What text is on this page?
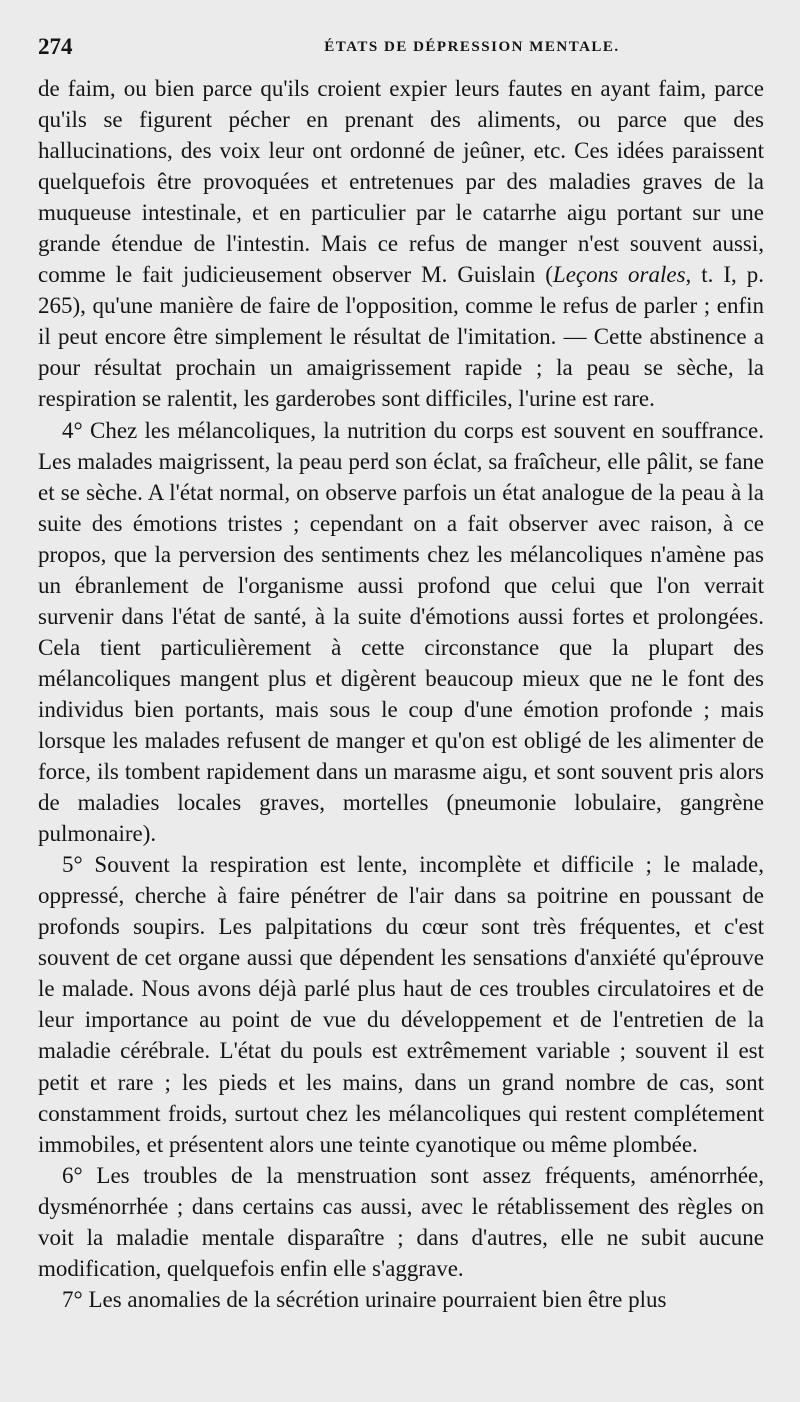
274	ÉTATS DE DÉPRESSION MENTALE.

de faim, ou bien parce qu'ils croient expier leurs fautes en ayant faim, parce qu'ils se figurent pécher en prenant des aliments, ou parce que des hallucinations, des voix leur ont ordonné de jeûner, etc. Ces idées paraissent quelquefois être provoquées et entretenues par des maladies graves de la muqueuse intestinale, et en particulier par le catarrhe aigu portant sur une grande étendue de l'intestin. Mais ce refus de manger n'est souvent aussi, comme le fait judicieusement observer M. Guislain (Leçons orales, t. I, p. 265), qu'une manière de faire de l'opposition, comme le refus de parler ; enfin il peut encore être simplement le résultat de l'imitation. — Cette abstinence a pour résultat prochain un amaigrissement rapide ; la peau se sèche, la respiration se ralentit, les garderobes sont difficiles, l'urine est rare.

4° Chez les mélancoliques, la nutrition du corps est souvent en souffrance. Les malades maigrissent, la peau perd son éclat, sa fraîcheur, elle pâlit, se fane et se sèche. A l'état normal, on observe parfois un état analogue de la peau à la suite des émotions tristes ; cependant on a fait observer avec raison, à ce propos, que la perversion des sentiments chez les mélancoliques n'amène pas un ébranlement de l'organisme aussi profond que celui que l'on verrait survenir dans l'état de santé, à la suite d'émotions aussi fortes et prolongées. Cela tient particulièrement à cette circonstance que la plupart des mélancoliques mangent plus et digèrent beaucoup mieux que ne le font des individus bien portants, mais sous le coup d'une émotion profonde ; mais lorsque les malades refusent de manger et qu'on est obligé de les alimenter de force, ils tombent rapidement dans un marasme aigu, et sont souvent pris alors de maladies locales graves, mortelles (pneumonie lobulaire, gangrène pulmonaire).

5° Souvent la respiration est lente, incomplète et difficile ; le malade, oppressé, cherche à faire pénétrer de l'air dans sa poitrine en poussant de profonds soupirs. Les palpitations du cœur sont très fréquentes, et c'est souvent de cet organe aussi que dépendent les sensations d'anxiété qu'éprouve le malade. Nous avons déjà parlé plus haut de ces troubles circulatoires et de leur importance au point de vue du développement et de l'entretien de la maladie cérébrale. L'état du pouls est extrêmement variable ; souvent il est petit et rare ; les pieds et les mains, dans un grand nombre de cas, sont constamment froids, surtout chez les mélancoliques qui restent complétement immobiles, et présentent alors une teinte cyanotique ou même plombée.

6° Les troubles de la menstruation sont assez fréquents, aménorrhée, dysménorrhée ; dans certains cas aussi, avec le rétablissement des règles on voit la maladie mentale disparaître ; dans d'autres, elle ne subit aucune modification, quelquefois enfin elle s'aggrave.

7° Les anomalies de la sécrétion urinaire pourraient bien être plus
